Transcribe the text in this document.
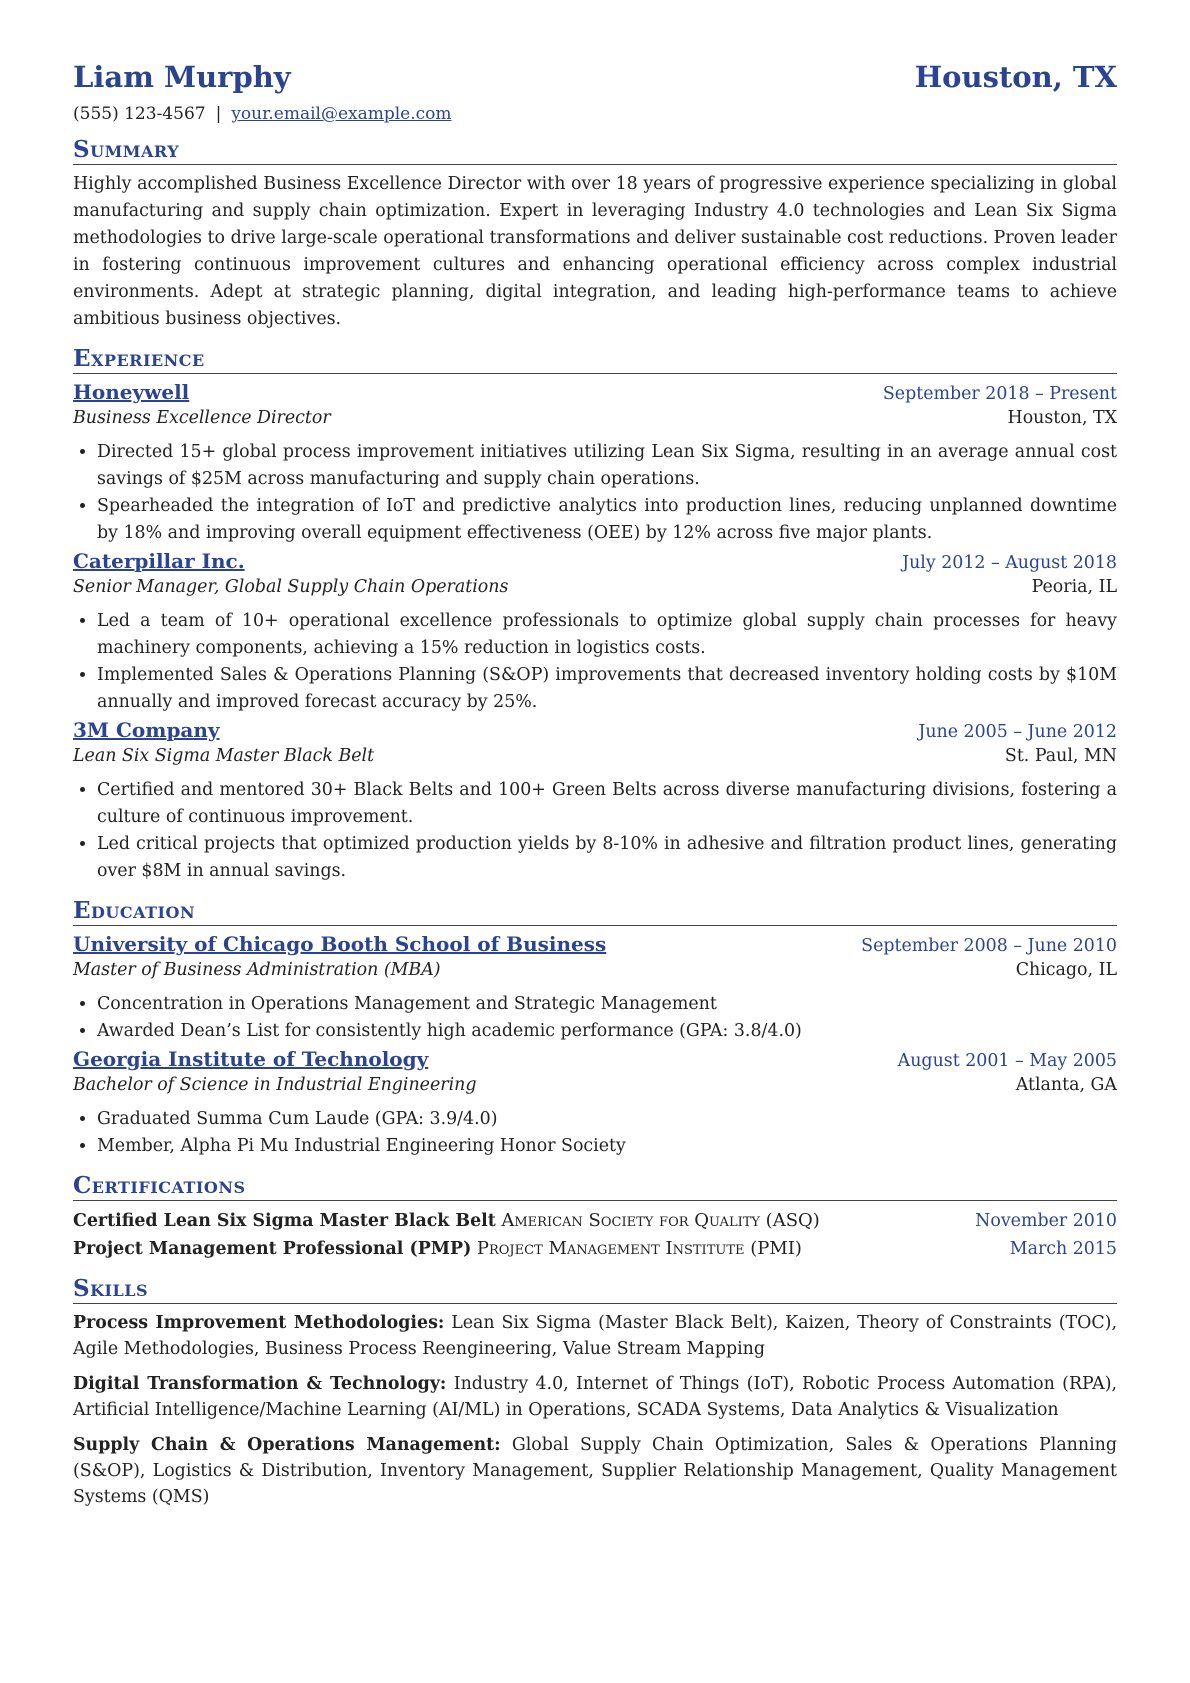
Liam Murphy	Houston, TX
(555) 123-4567 | your.email@example.com
Summary
Highly accomplished Business Excellence Director with over 18 years of progressive experience specializing in global manufacturing and supply chain optimization. Expert in leveraging Industry 4.0 technologies and Lean Six Sigma methodologies to drive large-scale operational transformations and deliver sustainable cost reductions. Proven leader in fostering continuous improvement cultures and enhancing operational efficiency across complex industrial environments. Adept at strategic planning, digital integration, and leading high-performance teams to achieve ambitious business objectives.
Experience
Honeywell	September 2018 – Present
Business Excellence Director	Houston, TX
• Directed 15+ global process improvement initiatives utilizing Lean Six Sigma, resulting in an average annual cost savings of $25M across manufacturing and supply chain operations.
• Spearheaded the integration of IoT and predictive analytics into production lines, reducing unplanned downtime by 18% and improving overall equipment effectiveness (OEE) by 12% across five major plants.
Caterpillar Inc.	July 2012 – August 2018
Senior Manager, Global Supply Chain Operations	Peoria, IL
• Led a team of 10+ operational excellence professionals to optimize global supply chain processes for heavy machinery components, achieving a 15% reduction in logistics costs.
• Implemented Sales & Operations Planning (S&OP) improvements that decreased inventory holding costs by $10M annually and improved forecast accuracy by 25%.
3M Company	June 2005 – June 2012
Lean Six Sigma Master Black Belt	St. Paul, MN
• Certified and mentored 30+ Black Belts and 100+ Green Belts across diverse manufacturing divisions, fostering a culture of continuous improvement.
• Led critical projects that optimized production yields by 8-10% in adhesive and filtration product lines, generating over $8M in annual savings.
Education
University of Chicago Booth School of Business	September 2008 – June 2010
Master of Business Administration (MBA)	Chicago, IL
• Concentration in Operations Management and Strategic Management
• Awarded Dean’s List for consistently high academic performance (GPA: 3.8/4.0)
Georgia Institute of Technology	August 2001 – May 2005
Bachelor of Science in Industrial Engineering	Atlanta, GA
• Graduated Summa Cum Laude (GPA: 3.9/4.0)
• Member, Alpha Pi Mu Industrial Engineering Honor Society
Certifications
Certified Lean Six Sigma Master Black Belt American Society for Quality (ASQ)	November 2010
Project Management Professional (PMP) Project Management Institute (PMI)	March 2015
Skills
Process Improvement Methodologies: Lean Six Sigma (Master Black Belt), Kaizen, Theory of Constraints (TOC), Agile Methodologies, Business Process Reengineering, Value Stream Mapping
Digital Transformation & Technology: Industry 4.0, Internet of Things (IoT), Robotic Process Automation (RPA), Artificial Intelligence/Machine Learning (AI/ML) in Operations, SCADA Systems, Data Analytics & Visualization
Supply Chain & Operations Management: Global Supply Chain Optimization, Sales & Operations Planning (S&OP), Logistics & Distribution, Inventory Management, Supplier Relationship Management, Quality Management Systems (QMS)
